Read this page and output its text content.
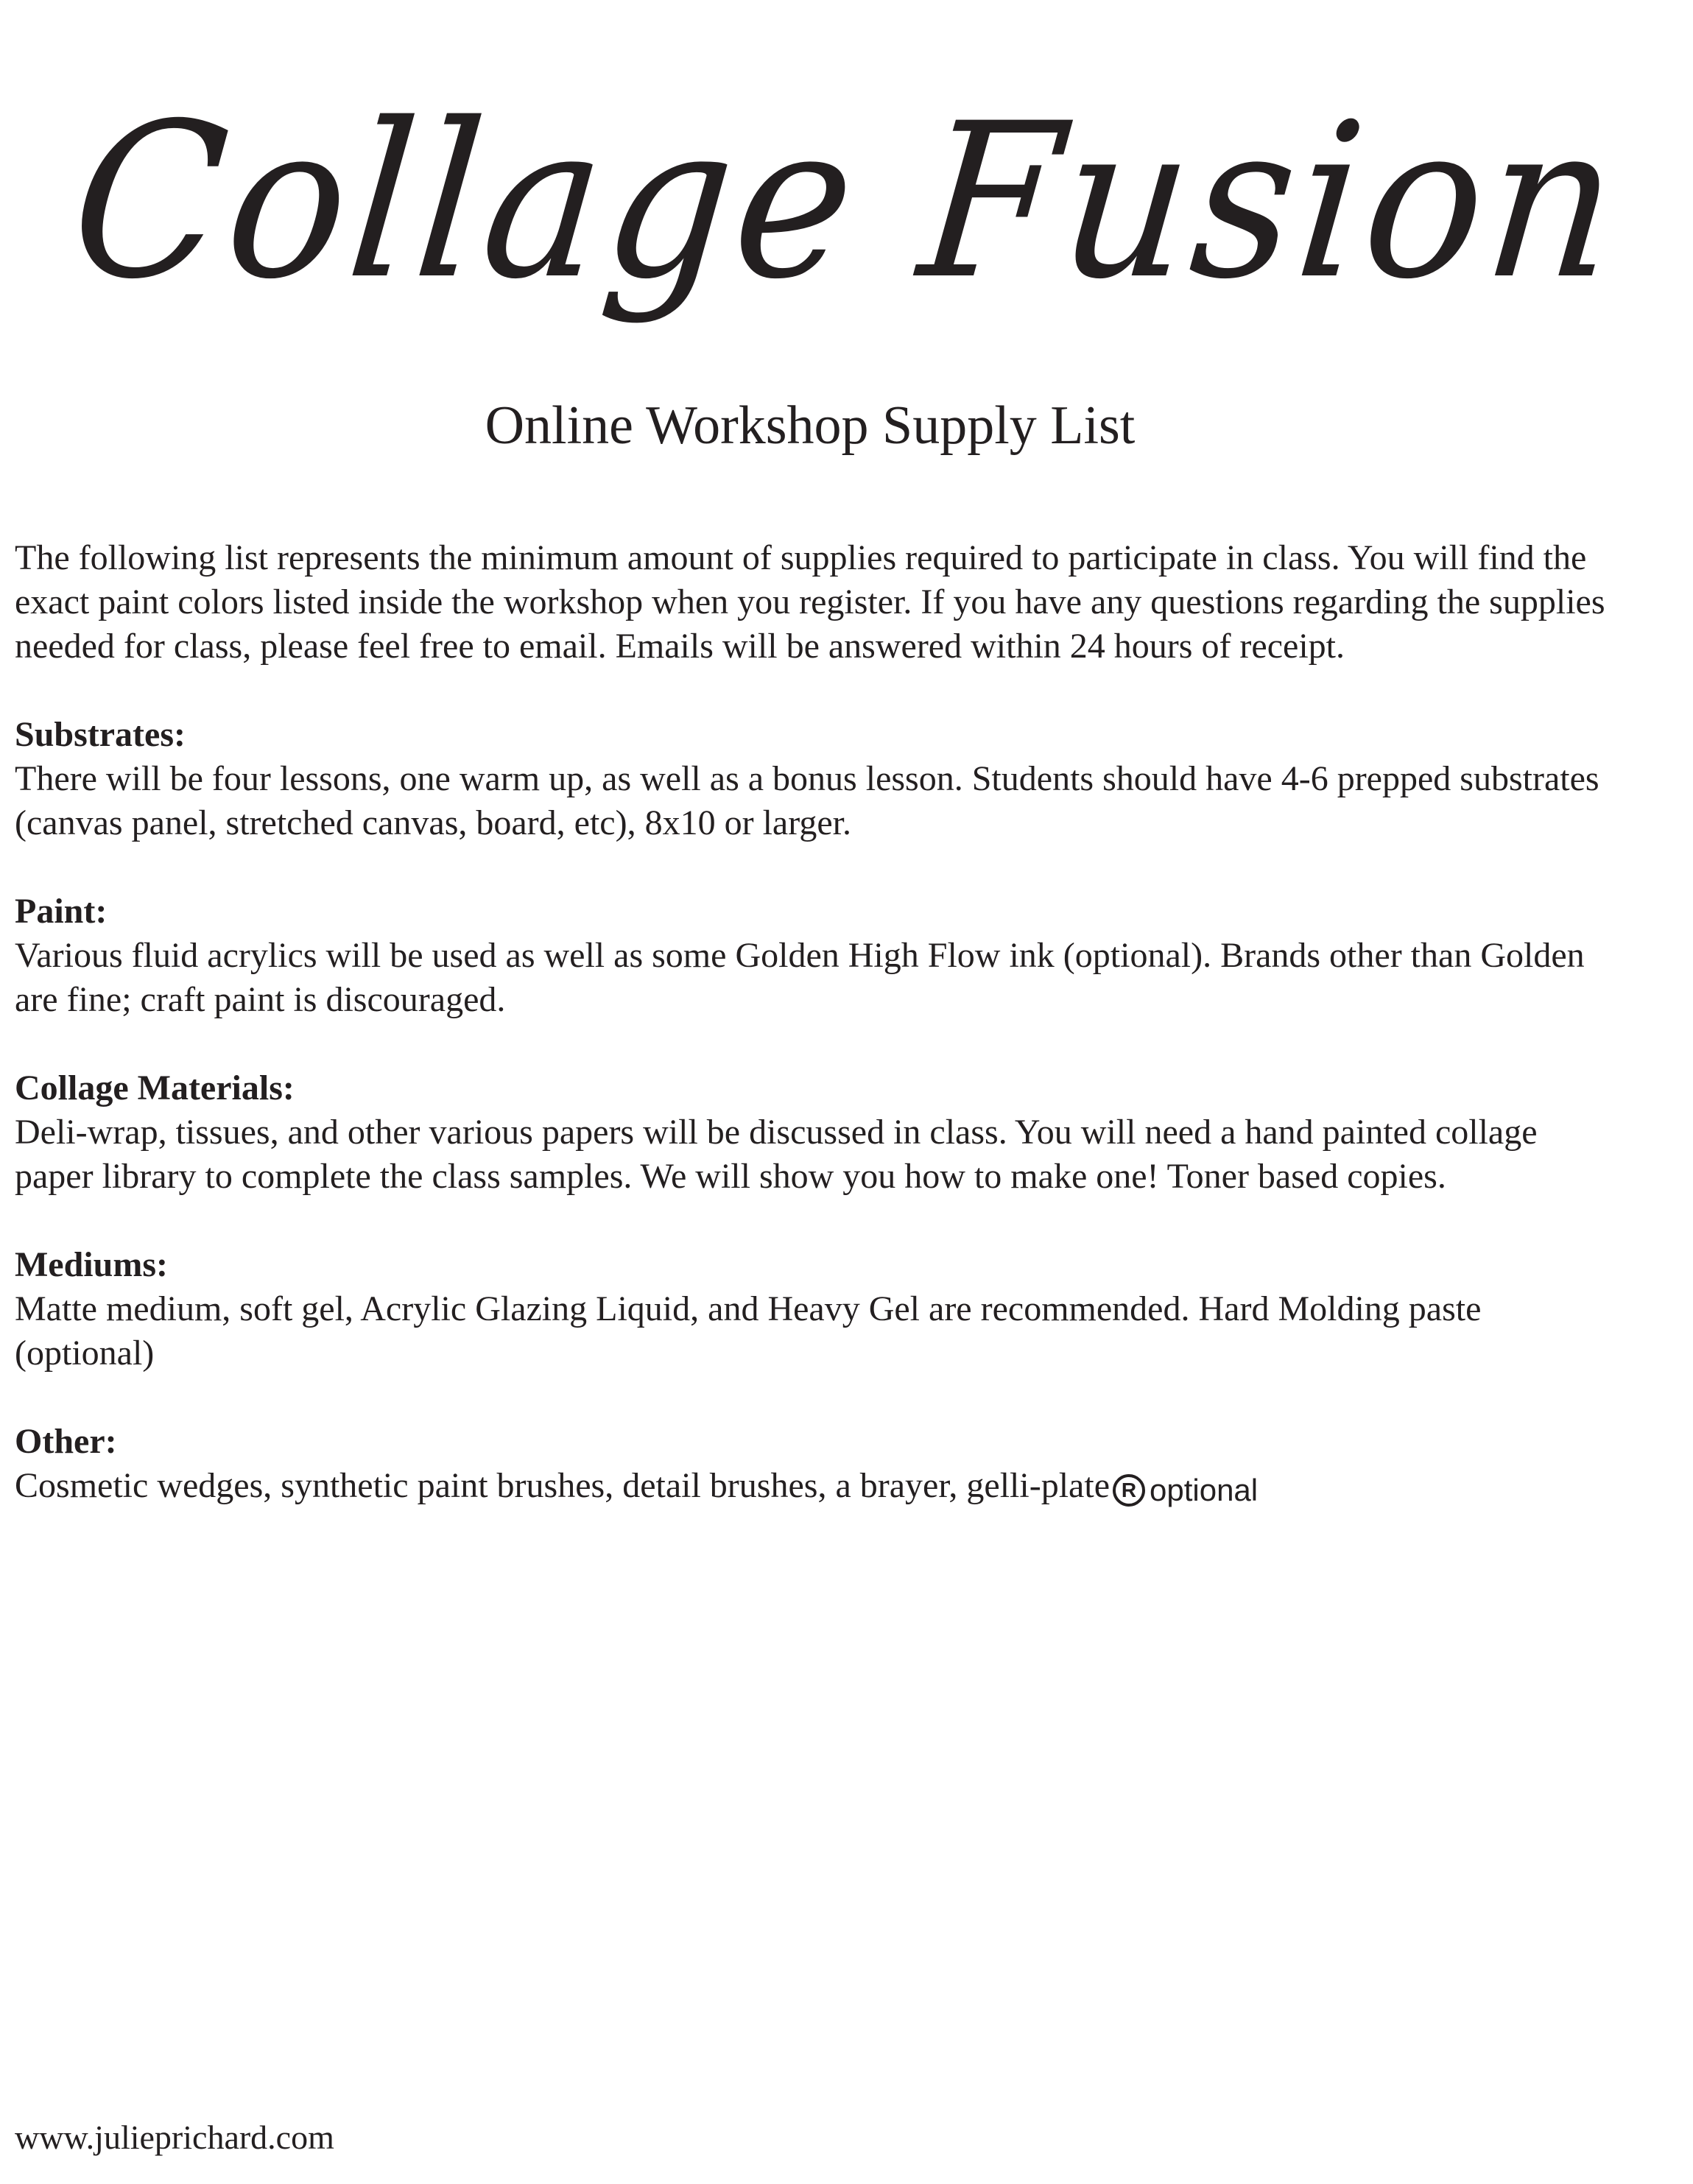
Collage Fusion
Online Workshop Supply List

The following list represents the minimum amount of supplies required to participate in class. You will find the exact paint colors listed inside the workshop when you register. If you have any questions regarding the supplies needed for class, please feel free to email. Emails will be answered within 24 hours of receipt.

Substrates:

There will be four lessons, one warm up, as well as a bonus lesson. Students should have 4-6 prepped substrates (canvas panel, stretched canvas, board, etc), 8x10 or larger.

Paint:

Various fluid acrylics will be used as well as some Golden High Flow ink (optional). Brands other than Golden are fine; craft paint is discouraged.

Collage Materials:

Deli-wrap, tissues, and other various papers will be discussed in class. You will need a hand painted collage paper library to complete the class samples. We will show you how to make one! Toner based copies.

Mediums:

Matte medium, soft gel, Acrylic Glazing Liquid, and Heavy Gel are recommended. Hard Molding paste (optional)

Other:

Cosmetic wedges, synthetic paint brushes, detail brushes, a brayer, gelli-plate R optional

www.julieprichard.com
